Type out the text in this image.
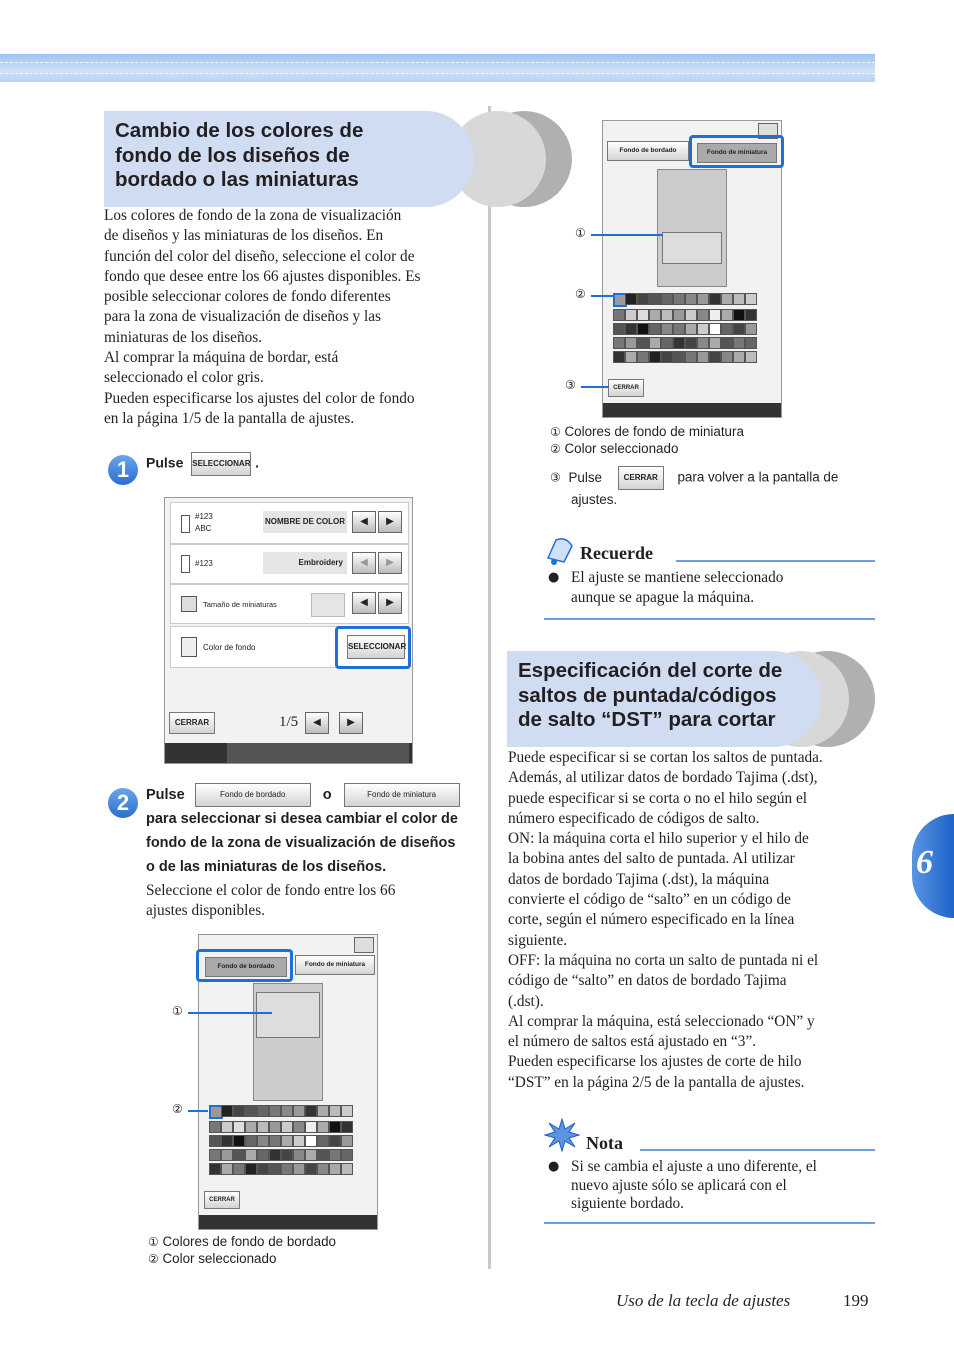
Cambio de los colores de
fondo de los diseños de
bordado o las miniaturas
Los colores de fondo de la zona de visualización
de diseños y las miniaturas de los diseños. En
función del color del diseño, seleccione el color de
fondo que desee entre los 66 ajustes disponibles. Es
posible seleccionar colores de fondo diferentes
para la zona de visualización de diseños y las
miniaturas de los diseños.
Al comprar la máquina de bordar, está
seleccionado el color gris.
Pueden especificarse los ajustes del color de fondo
en la página 1/5 de la pantalla de ajustes.
1	Pulse SELECCIONAR .
#123
ABC
NOMBRE DE COLOR	◀	▶
#123	Embroidery	◀	▶
Tamaño de miniaturas	◀	▶
Color de fondo	SELECCIONAR
CERRAR	1/5	◀	▶
2	Pulse	Fondo de bordado	o	Fondo de miniatura
para seleccionar si desea cambiar el color de
fondo de la zona de visualización de diseños
o de las miniaturas de los diseños.
Seleccione el color de fondo entre los 66
ajustes disponibles.
Fondo de bordado	Fondo de miniatura
CERRAR
①
②
① Colores de fondo de bordado
② Color seleccionado
Fondo de bordado	Fondo de miniatura
CERRAR
①
②
③
① Colores de fondo de miniatura
② Color seleccionado
③ Pulse	CERRAR para volver a la pantalla de
ajustes.
Recuerde
● El ajuste se mantiene seleccionado
aunque se apague la máquina.
Especificación del corte de
saltos de puntada/códigos
de salto “DST” para cortar
Puede especificar si se cortan los saltos de puntada.
Además, al utilizar datos de bordado Tajima (.dst),
puede especificar si se corta o no el hilo según el
número especificado de códigos de salto.
ON: la máquina corta el hilo superior y el hilo de
la bobina antes del salto de puntada. Al utilizar
datos de bordado Tajima (.dst), la máquina
convierte el código de “salto” en un código de
corte, según el número especificado en la línea
siguiente.
OFF: la máquina no corta un salto de puntada ni el
código de “salto” en datos de bordado Tajima
(.dst).
Al comprar la máquina, está seleccionado “ON” y
el número de saltos está ajustado en “3”.
Pueden especificarse los ajustes de corte de hilo
“DST” en la página 2/5 de la pantalla de ajustes.
Nota
● Si se cambia el ajuste a uno diferente, el
nuevo ajuste sólo se aplicará con el
siguiente bordado.
6
Uso de la tecla de ajustes	199
